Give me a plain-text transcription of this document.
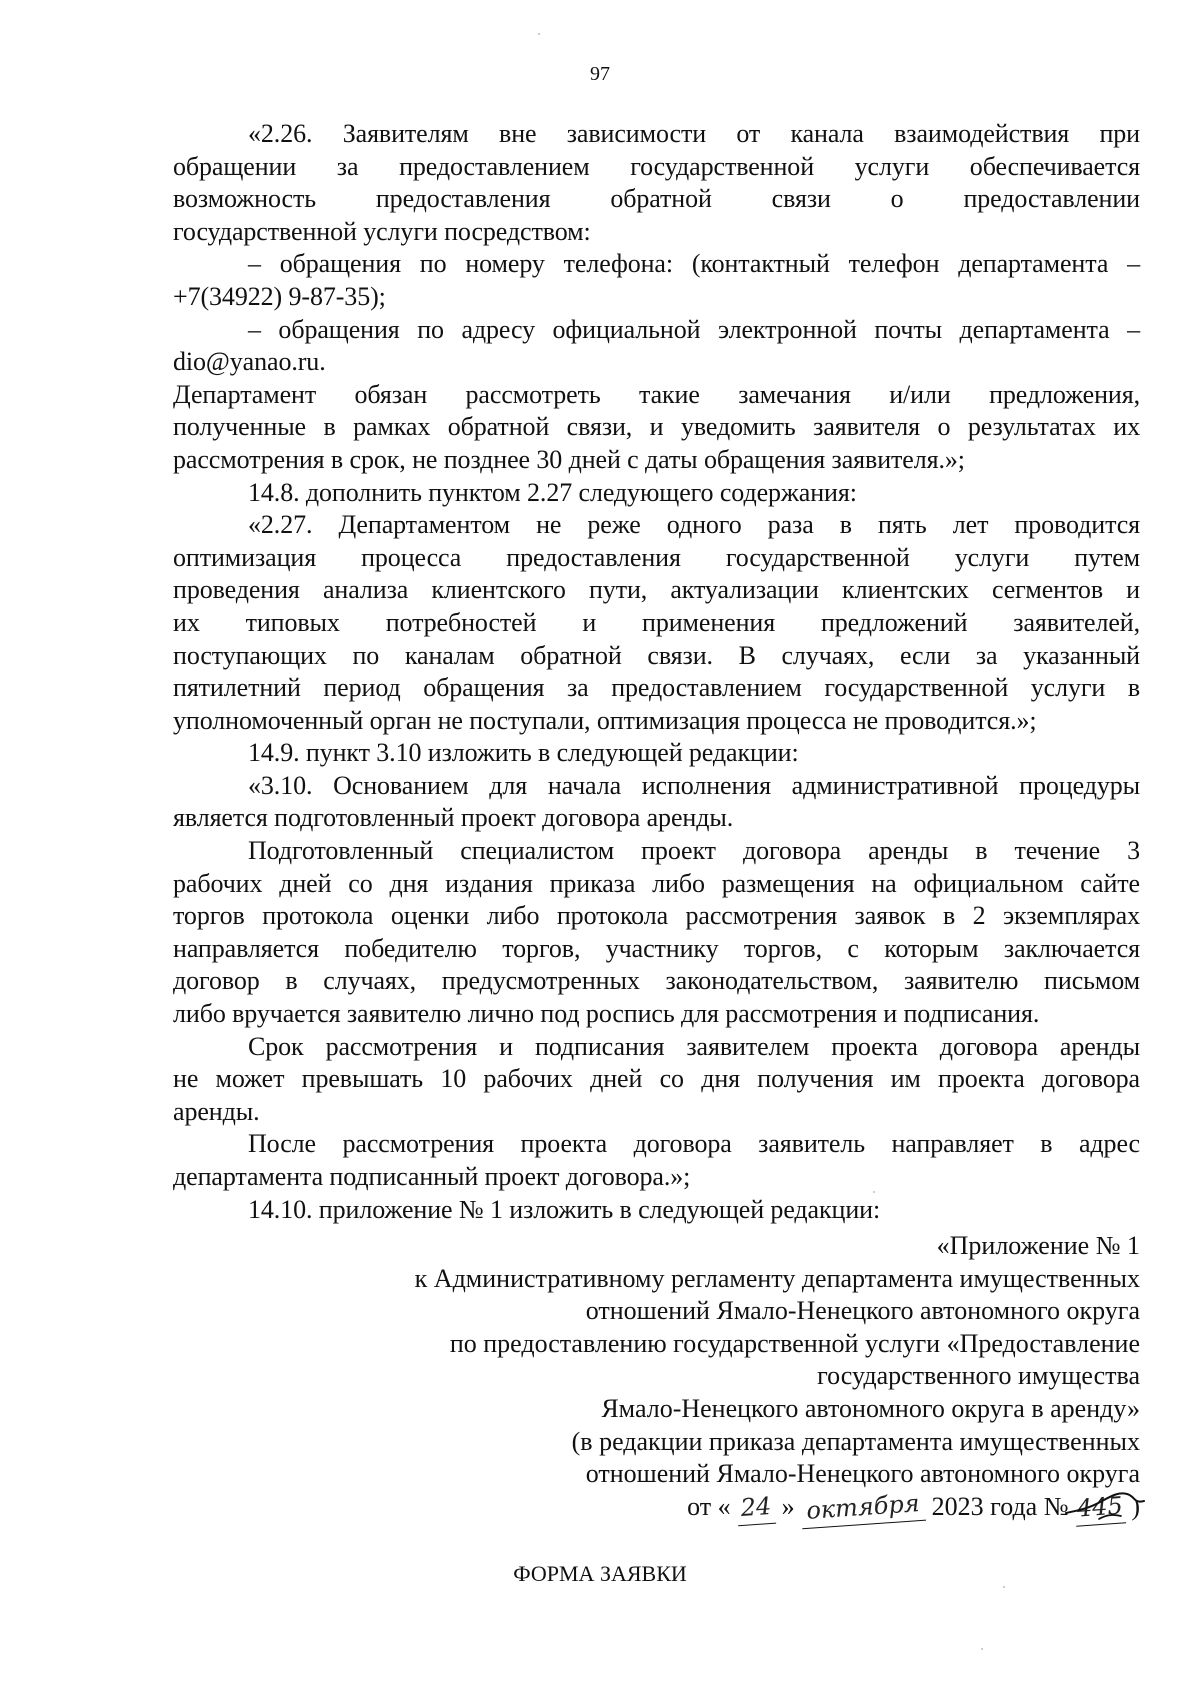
97

«2.26. Заявителям вне зависимости от канала взаимодействия при
обращении за предоставлением государственной услуги обеспечивается
возможность предоставления обратной связи о предоставлении
государственной услуги посредством:

– обращения по номеру телефона: (контактный телефон департамента –
+7(34922) 9-87-35);

– обращения по адресу официальной электронной почты департамента –
dio@yanao.ru.

Департамент обязан рассмотреть такие замечания и/или предложения,
полученные в рамках обратной связи, и уведомить заявителя о результатах их
рассмотрения в срок, не позднее 30 дней с даты обращения заявителя.»;

14.8. дополнить пунктом 2.27 следующего содержания:

«2.27. Департаментом не реже одного раза в пять лет проводится
оптимизация процесса предоставления государственной услуги путем
проведения анализа клиентского пути, актуализации клиентских сегментов и
их типовых потребностей и применения предложений заявителей,
поступающих по каналам обратной связи. В случаях, если за указанный
пятилетний период обращения за предоставлением государственной услуги в
уполномоченный орган не поступали, оптимизация процесса не проводится.»;

14.9. пункт 3.10 изложить в следующей редакции:

«3.10. Основанием для начала исполнения административной процедуры
является подготовленный проект договора аренды.

Подготовленный специалистом проект договора аренды в течение 3
рабочих дней со дня издания приказа либо размещения на официальном сайте
торгов протокола оценки либо протокола рассмотрения заявок в 2 экземплярах
направляется победителю торгов, участнику торгов, с которым заключается
договор в случаях, предусмотренных законодательством, заявителю письмом
либо вручается заявителю лично под роспись для рассмотрения и подписания.

Срок рассмотрения и подписания заявителем проекта договора аренды
не может превышать 10 рабочих дней со дня получения им проекта договора
аренды.

После рассмотрения проекта договора заявитель направляет в адрес
департамента подписанный проект договора.»;

14.10. приложение № 1 изложить в следующей редакции:

«Приложение № 1
к Административному регламенту департамента имущественных
отношений Ямало-Ненецкого автономного округа
по предоставлению государственной услуги «Предоставление
государственного имущества
Ямало-Ненецкого автономного округа в аренду»
(в редакции приказа департамента имущественных
отношений Ямало-Ненецкого автономного округа
от « 24 » октября 2023 года № 445 )
ФОРМА ЗАЯВКИ
